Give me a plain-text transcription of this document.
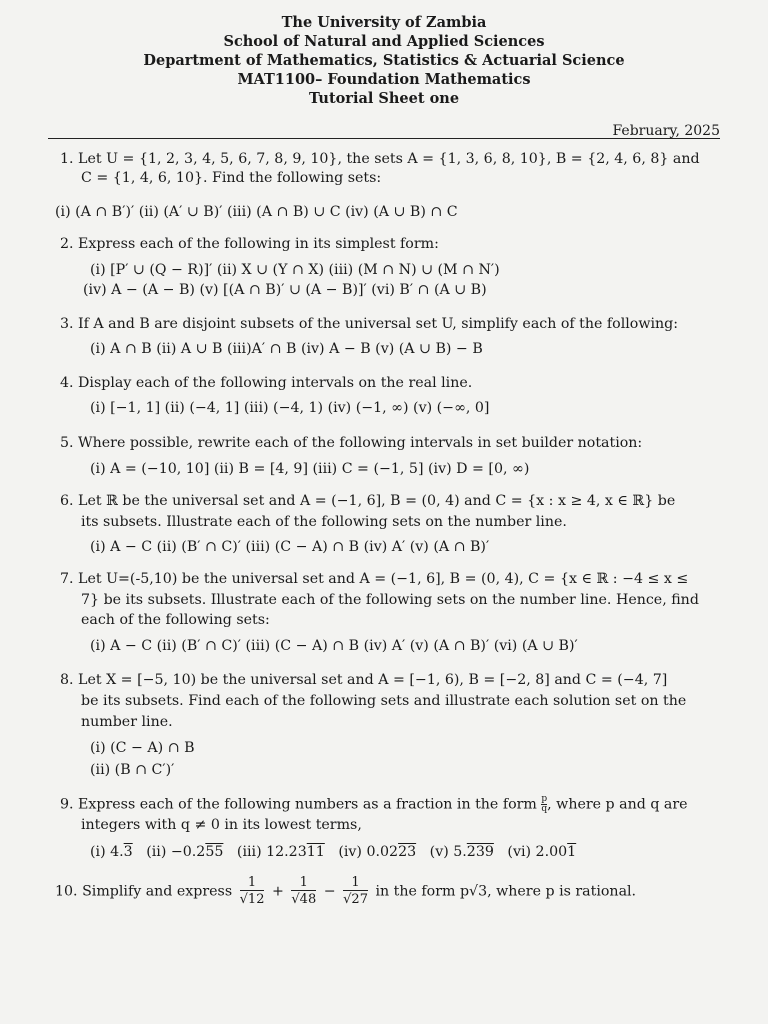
The University of Zambia
School of Natural and Applied Sciences
Department of Mathematics, Statistics & Actuarial Science
MAT1100– Foundation Mathematics
Tutorial Sheet one
February, 2025
1. Let U = {1, 2, 3, 4, 5, 6, 7, 8, 9, 10}, the sets A = {1, 3, 6, 8, 10}, B = {2, 4, 6, 8} and
C = {1, 4, 6, 10}. Find the following sets:
(i) (A ∩ B′)′ (ii) (A′ ∪ B)′ (iii) (A ∩ B) ∪ C (iv) (A ∪ B) ∩ C
2. Express each of the following in its simplest form:
(i) [P′ ∪ (Q − R)]′ (ii) X ∪ (Y ∩ X) (iii) (M ∩ N) ∪ (M ∩ N′)
(iv) A − (A − B) (v) [(A ∩ B)′ ∪ (A − B)]′ (vi) B′ ∩ (A ∪ B)
3. If A and B are disjoint subsets of the universal set U, simplify each of the following:
(i) A ∩ B (ii) A ∪ B (iii)A′ ∩ B (iv) A − B (v) (A ∪ B) − B
4. Display each of the following intervals on the real line.
(i) [−1, 1] (ii) (−4, 1] (iii) (−4, 1) (iv) (−1, ∞) (v) (−∞, 0]
5. Where possible, rewrite each of the following intervals in set builder notation:
(i) A = (−10, 10] (ii) B = [4, 9] (iii) C = (−1, 5] (iv) D = [0, ∞)
6. Let ℝ be the universal set and A = (−1, 6], B = (0, 4) and C = {x : x ≥ 4, x ∈ ℝ} be
its subsets. Illustrate each of the following sets on the number line.
(i) A − C (ii) (B′ ∩ C)′ (iii) (C − A) ∩ B (iv) A′ (v) (A ∩ B)′
7. Let U=(-5,10) be the universal set and A = (−1, 6], B = (0, 4), C = {x ∈ ℝ : −4 ≤ x ≤
7} be its subsets. Illustrate each of the following sets on the number line. Hence, find
each of the following sets:
(i) A − C (ii) (B′ ∩ C)′ (iii) (C − A) ∩ B (iv) A′ (v) (A ∩ B)′ (vi) (A ∪ B)′
8. Let X = [−5, 10) be the universal set and A = [−1, 6), B = [−2, 8] and C = (−4, 7]
be its subsets. Find each of the following sets and illustrate each solution set on the
number line.
(i) (C − A) ∩ B
(ii) (B ∩ C′)′
9. Express each of the following numbers as a fraction in the form $\frac{p}{q}$, where p and q are
integers with q ≠ 0 in its lowest terms,
(i) 4.3 (ii) −0.255 (iii) 12.2311 (iv) 0.0223 (v) 5.239 (vi) 2.001
10. Simplify and express $\frac{1}{√12} + \frac{1}{√48} - \frac{1}{√27}$ in the form p√3, where p is rational.
